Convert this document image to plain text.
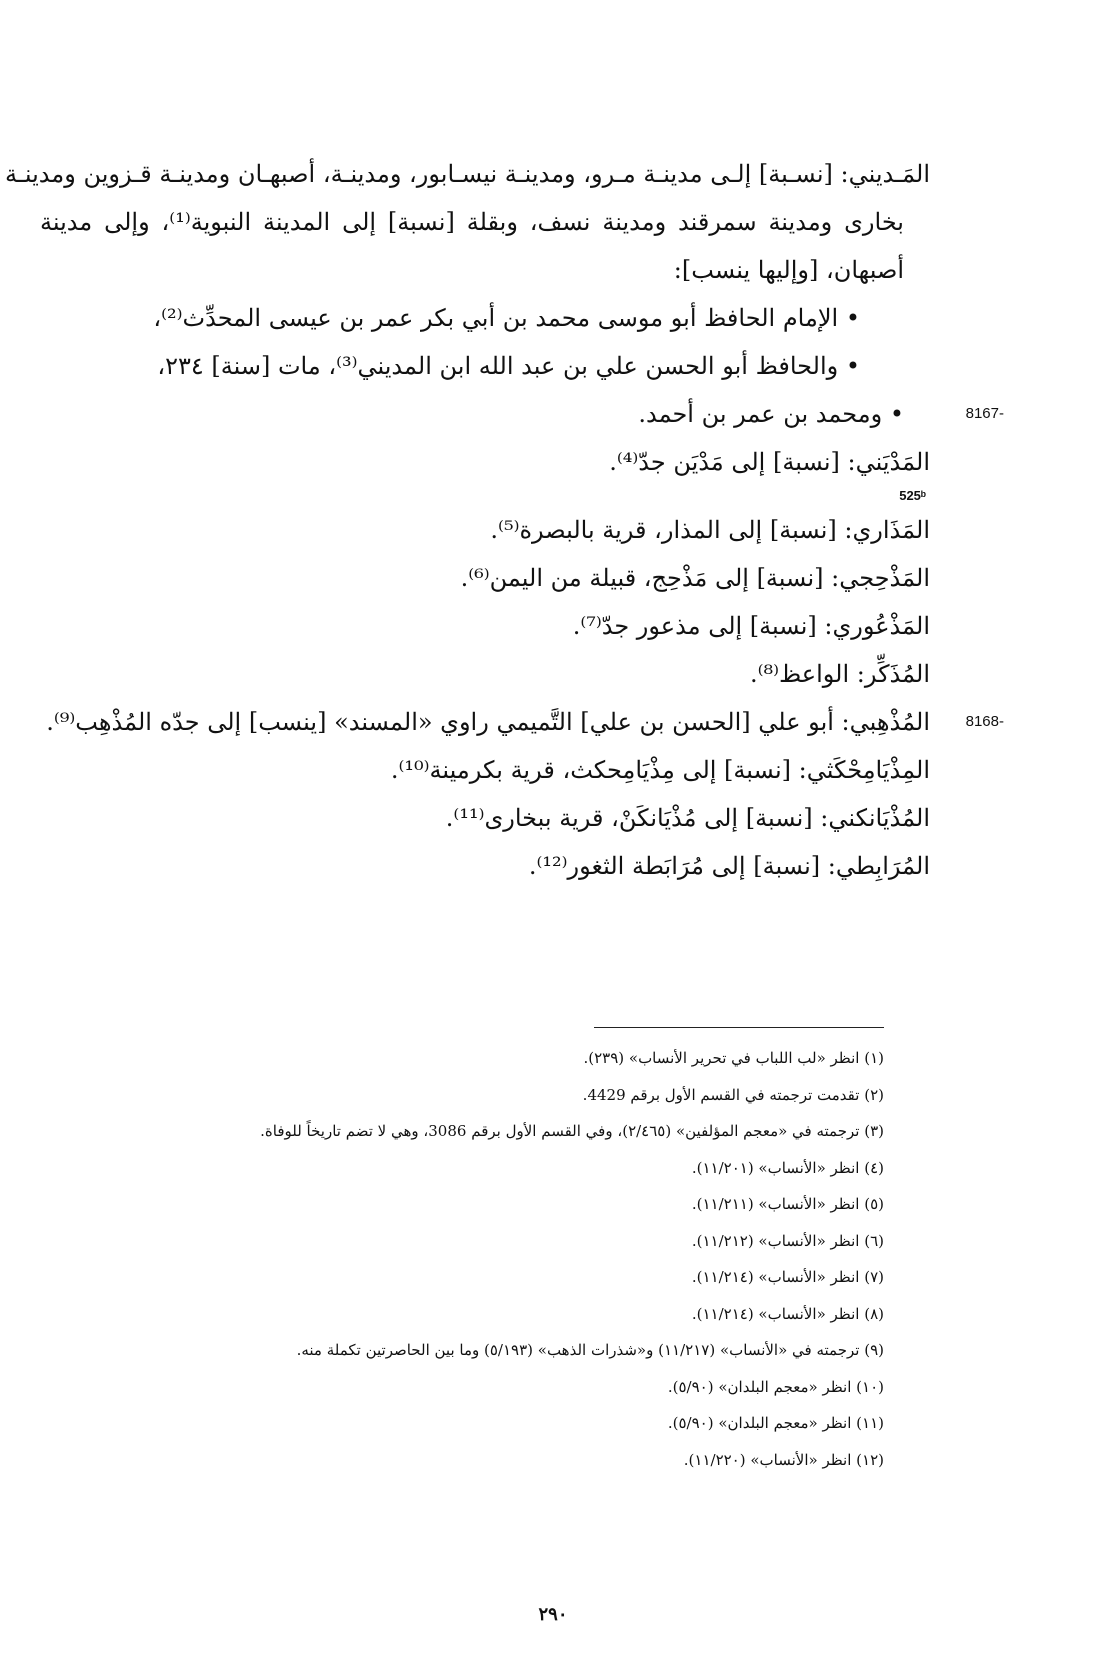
المَـديني: [نسـبة] إلـى مدينـة مـرو، ومدينـة نيسـابور، ومدينـة، أصبهـان ومدينـة قـزوين ومدينـة
بخارى ومدينة سمرقند ومدينة نسف، وبقلة [نسبة] إلى المدينة النبوية⁽¹⁾، وإلى مدينة
أصبهان، [وإليها ينسب]:
• الإمام الحافظ أبو موسى محمد بن أبي بكر عمر بن عيسى المحدِّث⁽²⁾،
• والحافظ أبو الحسن علي بن عبد الله ابن المديني⁽³⁾، مات [سنة] ٢٣٤،
8167-
• ومحمد بن عمر بن أحمد.
المَدْيَني: [نسبة] إلى مَدْيَن جدّ⁽⁴⁾.
525ᵇ
المَذَاري: [نسبة] إلى المذار، قرية بالبصرة⁽⁵⁾.
المَذْحِجي: [نسبة] إلى مَذْحِج، قبيلة من اليمن⁽⁶⁾.
المَذْعُوري: [نسبة] إلى مذعور جدّ⁽⁷⁾.
المُذَكِّر: الواعظ⁽⁸⁾.
8168-
المُذْهِبي: أبو علي [الحسن بن علي] التَّميمي راوي «المسند» [ينسب] إلى جدّه المُذْهِب⁽⁹⁾.
المِذْيَامِحْكَثي: [نسبة] إلى مِذْيَامِحكث، قرية بكرمينة⁽¹⁰⁾.
المُذْيَانكني: [نسبة] إلى مُذْيَانكَنْ، قرية ببخارى⁽¹¹⁾.
المُرَابِطي: [نسبة] إلى مُرَابَطة الثغور⁽¹²⁾.
(١) انظر «لب اللباب في تحرير الأنساب» (٢٣٩).
(٢) تقدمت ترجمته في القسم الأول برقم 4429.
(٣) ترجمته في «معجم المؤلفين» (٢/٤٦٥)، وفي القسم الأول برقم 3086، وهي لا تضم تاريخاً للوفاة.
(٤) انظر «الأنساب» (١١/٢٠١).
(٥) انظر «الأنساب» (١١/٢١١).
(٦) انظر «الأنساب» (١١/٢١٢).
(٧) انظر «الأنساب» (١١/٢١٤).
(٨) انظر «الأنساب» (١١/٢١٤).
(٩) ترجمته في «الأنساب» (١١/٢١٧) و«شذرات الذهب» (٥/١٩٣) وما بين الحاصرتين تكملة منه.
(١٠) انظر «معجم البلدان» (٥/٩٠).
(١١) انظر «معجم البلدان» (٥/٩٠).
(١٢) انظر «الأنساب» (١١/٢٢٠).
٢٩٠
